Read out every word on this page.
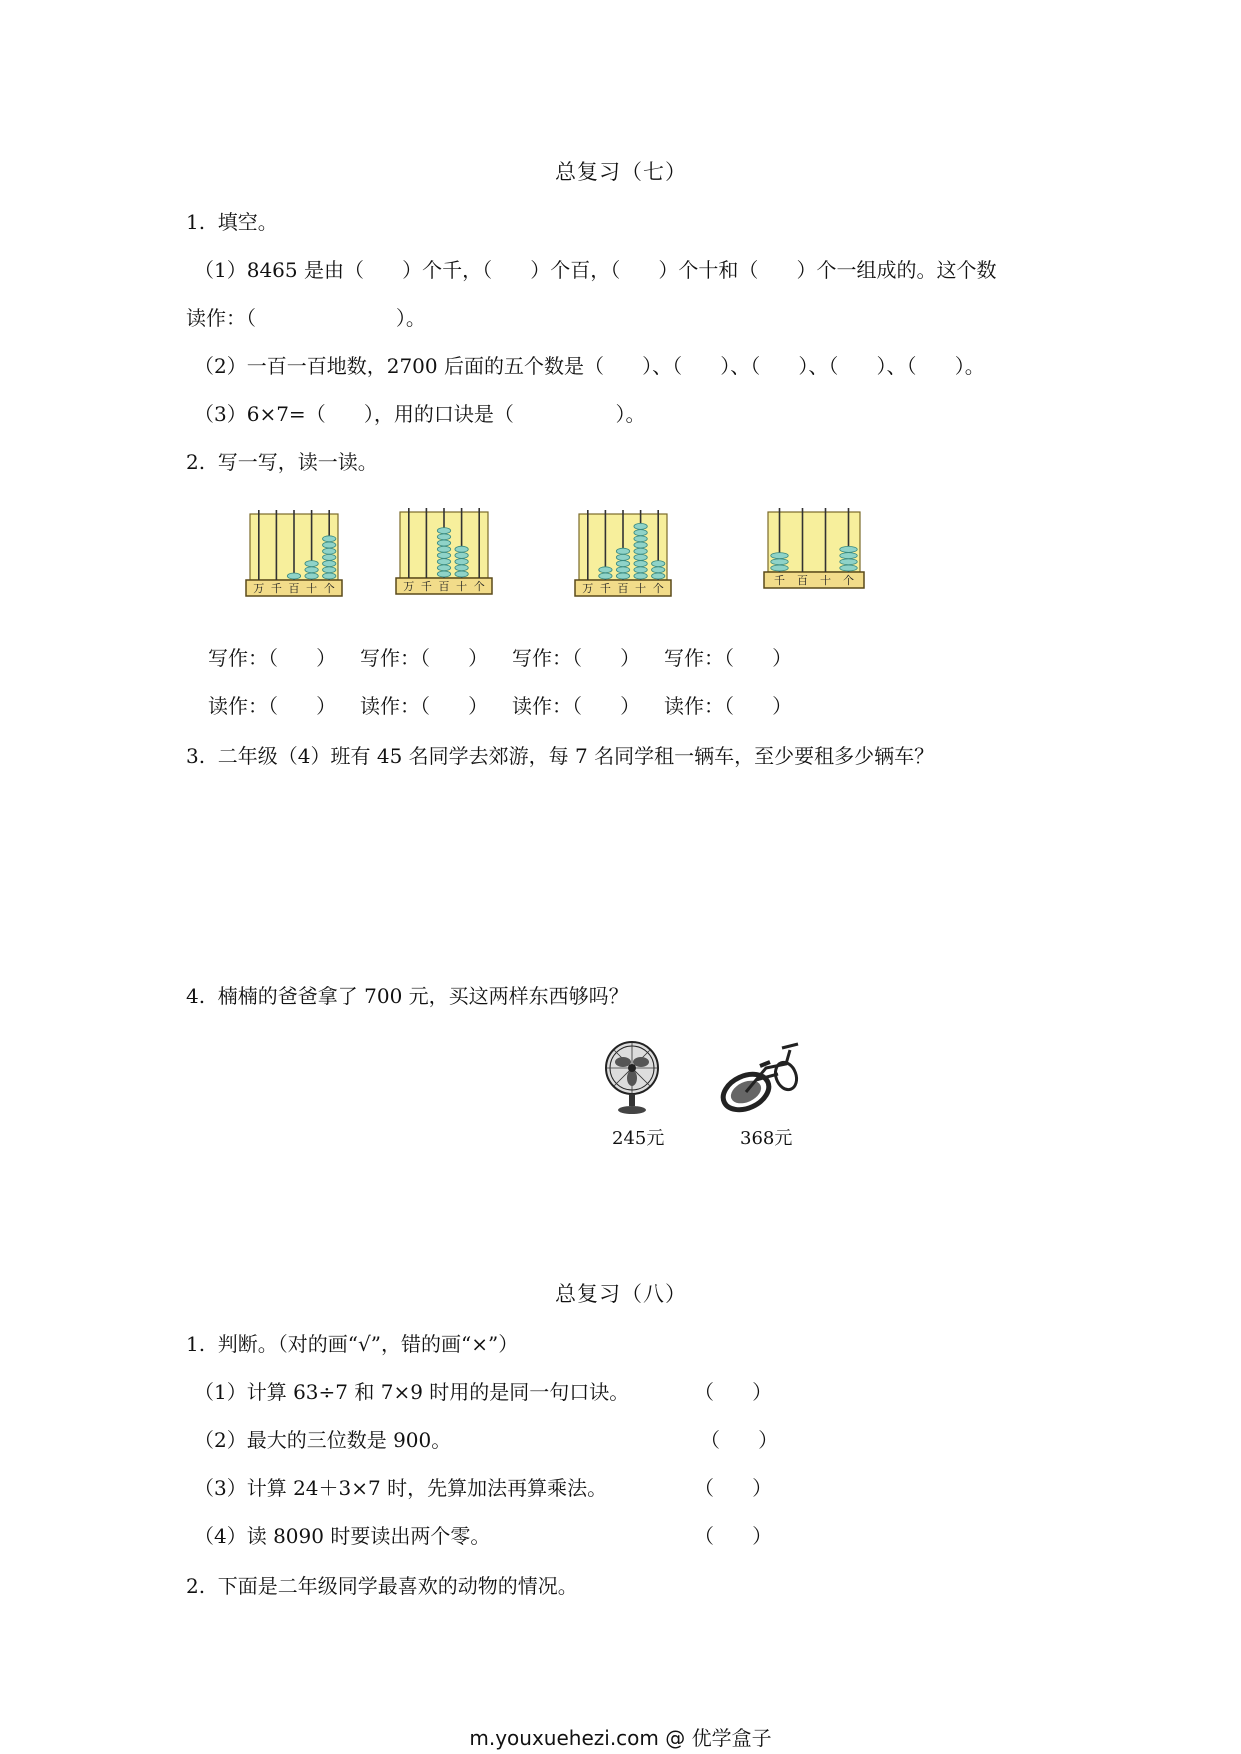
总复习（七）
1.  填空。
（1）8465 是由（      ）个千，（      ）个百，（      ）个十和（      ）个一组成的。这个数
读作：（                      ）。
（2）一百一百地数，2700 后面的五个数是（      ）、（      ）、（      ）、（      ）、（      ）。
（3）6×7=（      ），用的口诀是（                ）。
2.  写一写，读一读。
万 千 百 十 个	万 千 百 十 个	万 千 百 十 个
千 百 十 个
写作：（      ） 写作：（      ） 写作：（      ） 写作：（      ）
读作：（      ） 读作：（      ） 读作：（      ） 读作：（      ）
3.  二年级（4）班有 45 名同学去郊游，每 7 名同学租一辆车，至少要租多少辆车？
4.  楠楠的爸爸拿了 700 元，买这两样东西够吗？
245元	368元
总复习（八）
1.  判断。（对的画“√”，错的画“×”）
（1）计算 63÷7 和 7×9 时用的是同一句口诀。	（      ）
（2）最大的三位数是 900。	（      ）
（3）计算 24＋3×7 时，先算加法再算乘法。	（      ）
（4）读 8090 时要读出两个零。	（      ）
2.  下面是二年级同学最喜欢的动物的情况。
m.youxuehezi.com @ 优学盒子
